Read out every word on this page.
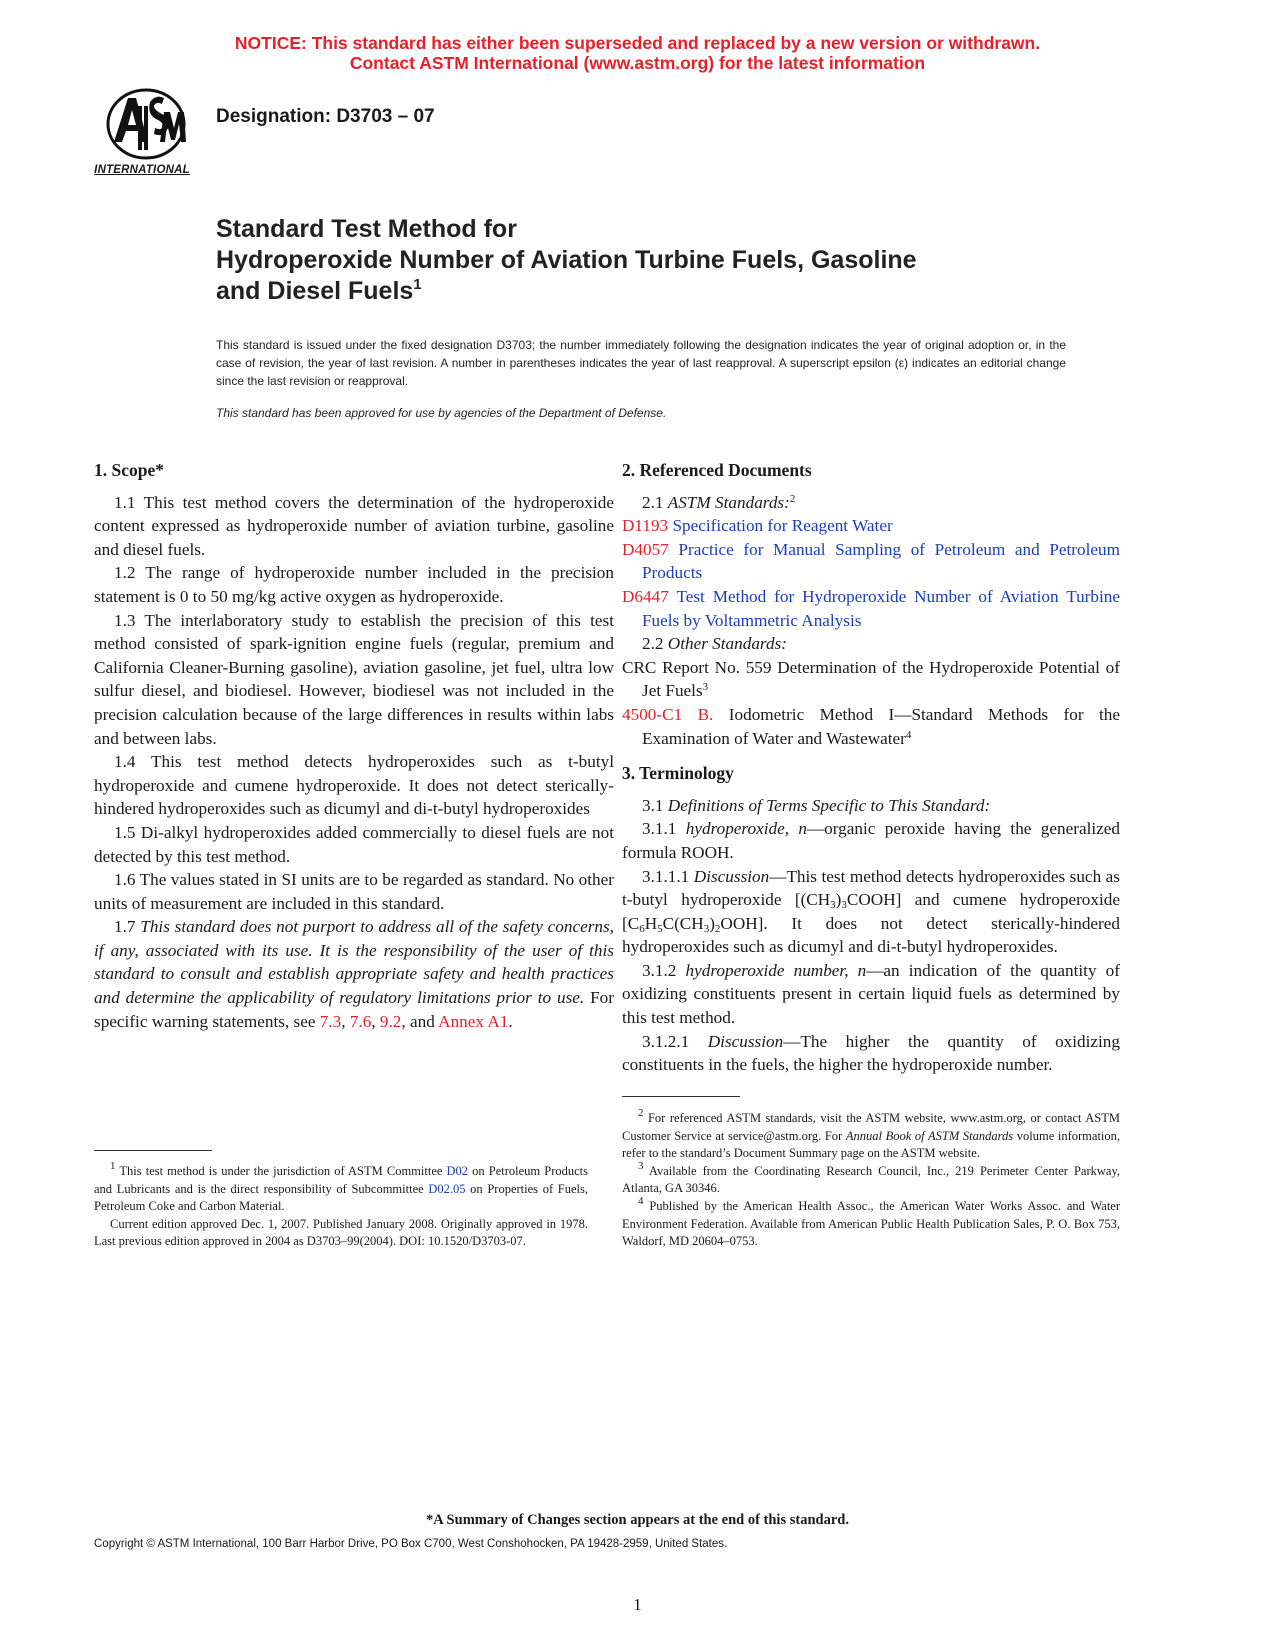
NOTICE: This standard has either been superseded and replaced by a new version or withdrawn.
Contact ASTM International (www.astm.org) for the latest information
INTERNATIONAL
Designation: D3703 – 07
Standard Test Method for
Hydroperoxide Number of Aviation Turbine Fuels, Gasoline
and Diesel Fuels$^1$
This standard is issued under the fixed designation D3703; the number immediately following the designation indicates the year of original adoption or, in the case of revision, the year of last revision. A number in parentheses indicates the year of last reapproval. A superscript epsilon (ε) indicates an editorial change since the last revision or reapproval.
This standard has been approved for use by agencies of the Department of Defense.
1. Scope*

1.1 This test method covers the determination of the hydroperoxide content expressed as hydroperoxide number of aviation turbine, gasoline and diesel fuels.

1.2 The range of hydroperoxide number included in the precision statement is 0 to 50 mg/kg active oxygen as hydroperoxide.

1.3 The interlaboratory study to establish the precision of this test method consisted of spark-ignition engine fuels (regular, premium and California Cleaner-Burning gasoline), aviation gasoline, jet fuel, ultra low sulfur diesel, and biodiesel. However, biodiesel was not included in the precision calculation because of the large differences in results within labs and between labs.

1.4 This test method detects hydroperoxides such as t-butyl hydroperoxide and cumene hydroperoxide. It does not detect sterically-hindered hydroperoxides such as dicumyl and di-t-butyl hydroperoxides

1.5 Di-alkyl hydroperoxides added commercially to diesel fuels are not detected by this test method.

1.6 The values stated in SI units are to be regarded as standard. No other units of measurement are included in this standard.

1.7 This standard does not purport to address all of the safety concerns, if any, associated with its use. It is the responsibility of the user of this standard to consult and establish appropriate safety and health practices and determine the applicability of regulatory limitations prior to use. For specific warning statements, see 7.3, 7.6, 9.2, and Annex A1.

$^1$ This test method is under the jurisdiction of ASTM Committee D02 on Petroleum Products and Lubricants and is the direct responsibility of Subcommittee D02.05 on Properties of Fuels, Petroleum Coke and Carbon Material.

Current edition approved Dec. 1, 2007. Published January 2008. Originally approved in 1978. Last previous edition approved in 2004 as D3703–99(2004). DOI: 10.1520/D3703-07.

2. Referenced Documents

2.1 ASTM Standards:$^2$

D1193 Specification for Reagent Water

D4057 Practice for Manual Sampling of Petroleum and Petroleum Products

D6447 Test Method for Hydroperoxide Number of Aviation Turbine Fuels by Voltammetric Analysis

2.2 Other Standards:

CRC Report No. 559 Determination of the Hydroperoxide Potential of Jet Fuels$^3$

4500-C1 B. Iodometric Method I—Standard Methods for the Examination of Water and Wastewater$^4$

3. Terminology

3.1 Definitions of Terms Specific to This Standard:

3.1.1 hydroperoxide, n—organic peroxide having the generalized formula ROOH.

3.1.1.1 Discussion—This test method detects hydroperoxides such as t-butyl hydroperoxide $[(CH_3)_3COOH]$ and cumene hydroperoxide $[C_6H_5C(CH_3)_2OOH]$. It does not detect sterically-hindered hydroperoxides such as dicumyl and di-t-butyl hydroperoxides.

3.1.2 hydroperoxide number, n—an indication of the quantity of oxidizing constituents present in certain liquid fuels as determined by this test method.

3.1.2.1 Discussion—The higher the quantity of oxidizing constituents in the fuels, the higher the hydroperoxide number.

$^2$ For referenced ASTM standards, visit the ASTM website, www.astm.org, or contact ASTM Customer Service at service@astm.org. For Annual Book of ASTM Standards volume information, refer to the standard’s Document Summary page on the ASTM website.

$^3$ Available from the Coordinating Research Council, Inc., 219 Perimeter Center Parkway, Atlanta, GA 30346.

$^4$ Published by the American Health Assoc., the American Water Works Assoc. and Water Environment Federation. Available from American Public Health Publication Sales, P. O. Box 753, Waldorf, MD 20604–0753.

*A Summary of Changes section appears at the end of this standard.
Copyright © ASTM International, 100 Barr Harbor Drive, PO Box C700, West Conshohocken, PA 19428-2959, United States.
1
